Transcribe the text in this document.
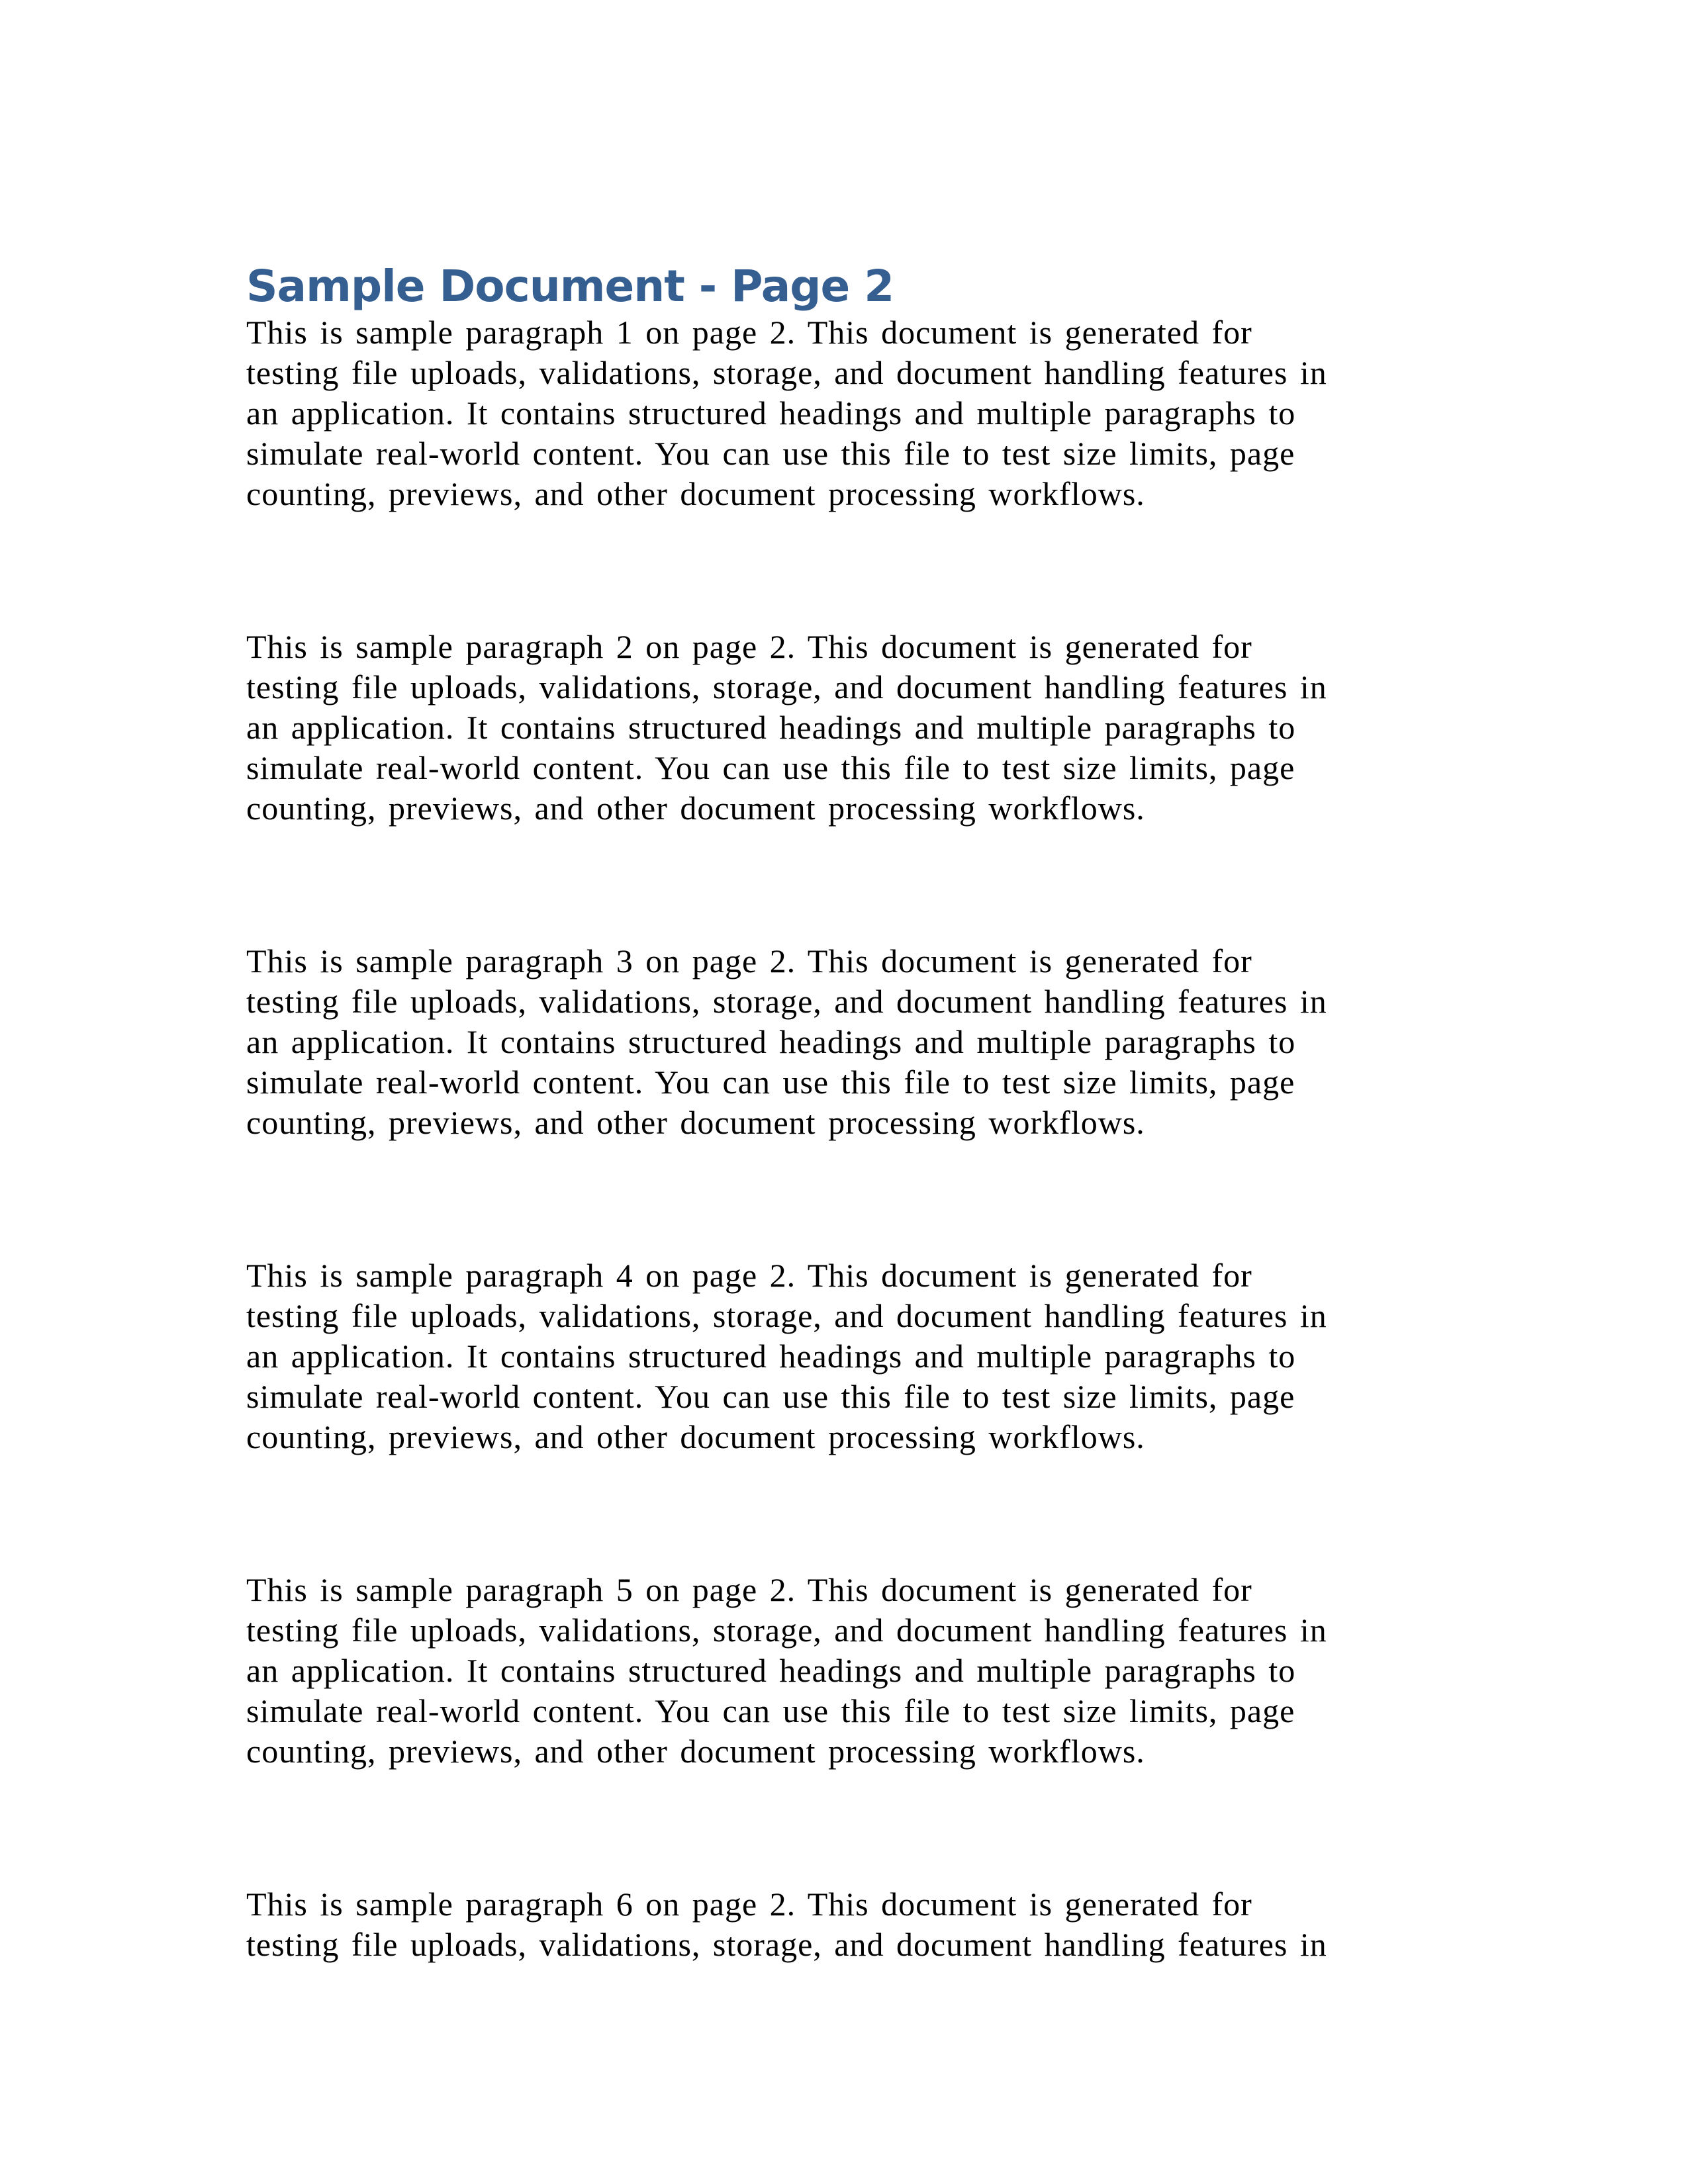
Sample Document - Page 2
This is sample paragraph 1 on page 2. This document is generated for
testing file uploads, validations, storage, and document handling features in
an application. It contains structured headings and multiple paragraphs to
simulate real-world content. You can use this file to test size limits, page
counting, previews, and other document processing workflows.
This is sample paragraph 2 on page 2. This document is generated for
testing file uploads, validations, storage, and document handling features in
an application. It contains structured headings and multiple paragraphs to
simulate real-world content. You can use this file to test size limits, page
counting, previews, and other document processing workflows.
This is sample paragraph 3 on page 2. This document is generated for
testing file uploads, validations, storage, and document handling features in
an application. It contains structured headings and multiple paragraphs to
simulate real-world content. You can use this file to test size limits, page
counting, previews, and other document processing workflows.
This is sample paragraph 4 on page 2. This document is generated for
testing file uploads, validations, storage, and document handling features in
an application. It contains structured headings and multiple paragraphs to
simulate real-world content. You can use this file to test size limits, page
counting, previews, and other document processing workflows.
This is sample paragraph 5 on page 2. This document is generated for
testing file uploads, validations, storage, and document handling features in
an application. It contains structured headings and multiple paragraphs to
simulate real-world content. You can use this file to test size limits, page
counting, previews, and other document processing workflows.
This is sample paragraph 6 on page 2. This document is generated for
testing file uploads, validations, storage, and document handling features in
